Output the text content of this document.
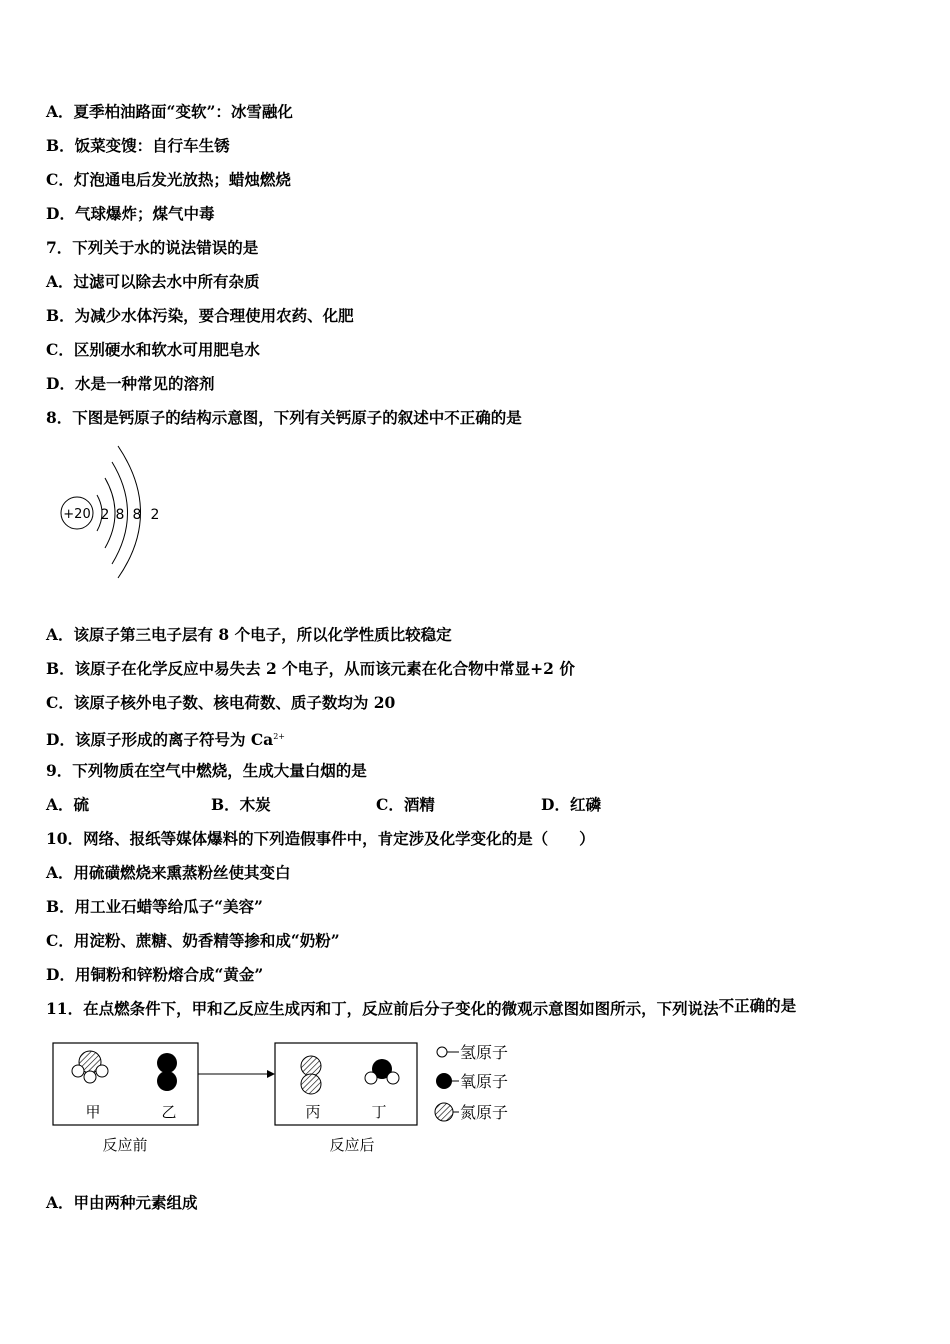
A．夏季柏油路面“变软”：冰雪融化
B．饭菜变馊：自行车生锈
C．灯泡通电后发光放热；蜡烛燃烧
D．气球爆炸；煤气中毒
7．下列关于水的说法错误的是
A．过滤可以除去水中所有杂质
B．为减少水体污染，要合理使用农药、化肥
C．区别硬水和软水可用肥皂水
D．水是一种常见的溶剂
8．下图是钙原子的结构示意图，下列有关钙原子的叙述中不正确的是
+20 2 8 8 2
A．该原子第三电子层有 8 个电子，所以化学性质比较稳定
B．该原子在化学反应中易失去 2 个电子，从而该元素在化合物中常显+2 价
C．该原子核外电子数、核电荷数、质子数均为 20
D．该原子形成的离子符号为 $Ca^{2+}$
9．下列物质在空气中燃烧，生成大量白烟的是
A．硫	B．木炭	C．酒精	D．红磷
10．网络、报纸等媒体爆料的下列造假事件中，肯定涉及化学变化的是（　　）
A．用硫磺燃烧来熏蒸粉丝使其变白
B．用工业石蜡等给瓜子“美容”
C．用淀粉、蔗糖、奶香精等掺和成“奶粉”
D．用铜粉和锌粉熔合成“黄金”
11．在点燃条件下，甲和乙反应生成丙和丁，反应前后分子变化的微观示意图如图所示，下列说法不正确的是
甲	乙
反应前
丙	丁
反应后
氢原子
氧原子
氮原子
A．甲由两种元素组成
